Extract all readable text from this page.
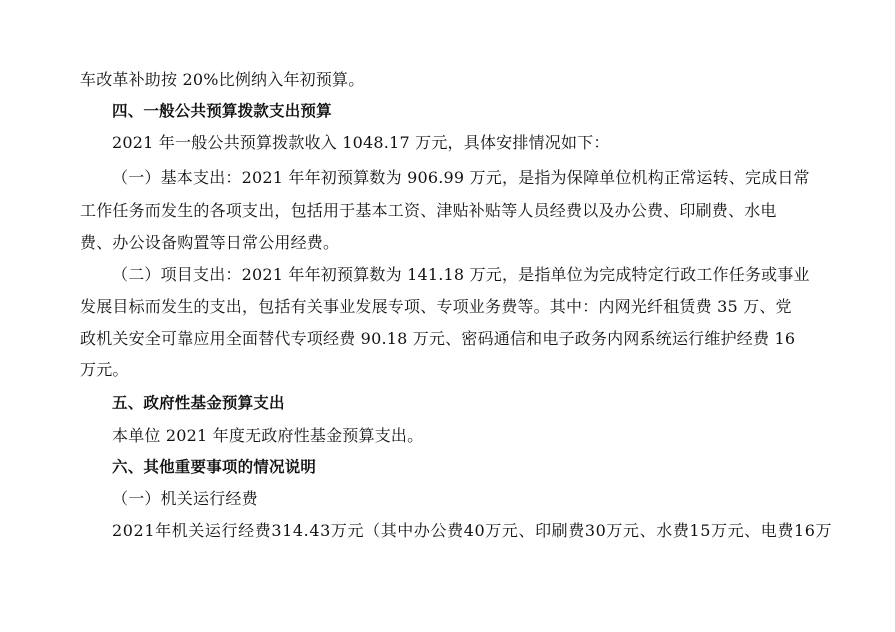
车改革补助按 20%比例纳入年初预算。
四、一般公共预算拨款支出预算
2021 年一般公共预算拨款收入 1048.17 万元，具体安排情况如下：
（一）基本支出：2021 年年初预算数为 906.99 万元，是指为保障单位机构正常运转、完成日常
工作任务而发生的各项支出，包括用于基本工资、津贴补贴等人员经费以及办公费、印刷费、水电
费、办公设备购置等日常公用经费。
（二）项目支出：2021 年年初预算数为 141.18 万元，是指单位为完成特定行政工作任务或事业
发展目标而发生的支出，包括有关事业发展专项、专项业务费等。其中：内网光纤租赁费 35 万、党
政机关安全可靠应用全面替代专项经费 90.18 万元、密码通信和电子政务内网系统运行维护经费 16
万元。
五、政府性基金预算支出
本单位 2021 年度无政府性基金预算支出。
六、其他重要事项的情况说明
（一）机关运行经费
2021年机关运行经费314.43万元（其中办公费40万元、印刷费30万元、水费15万元、电费16万
